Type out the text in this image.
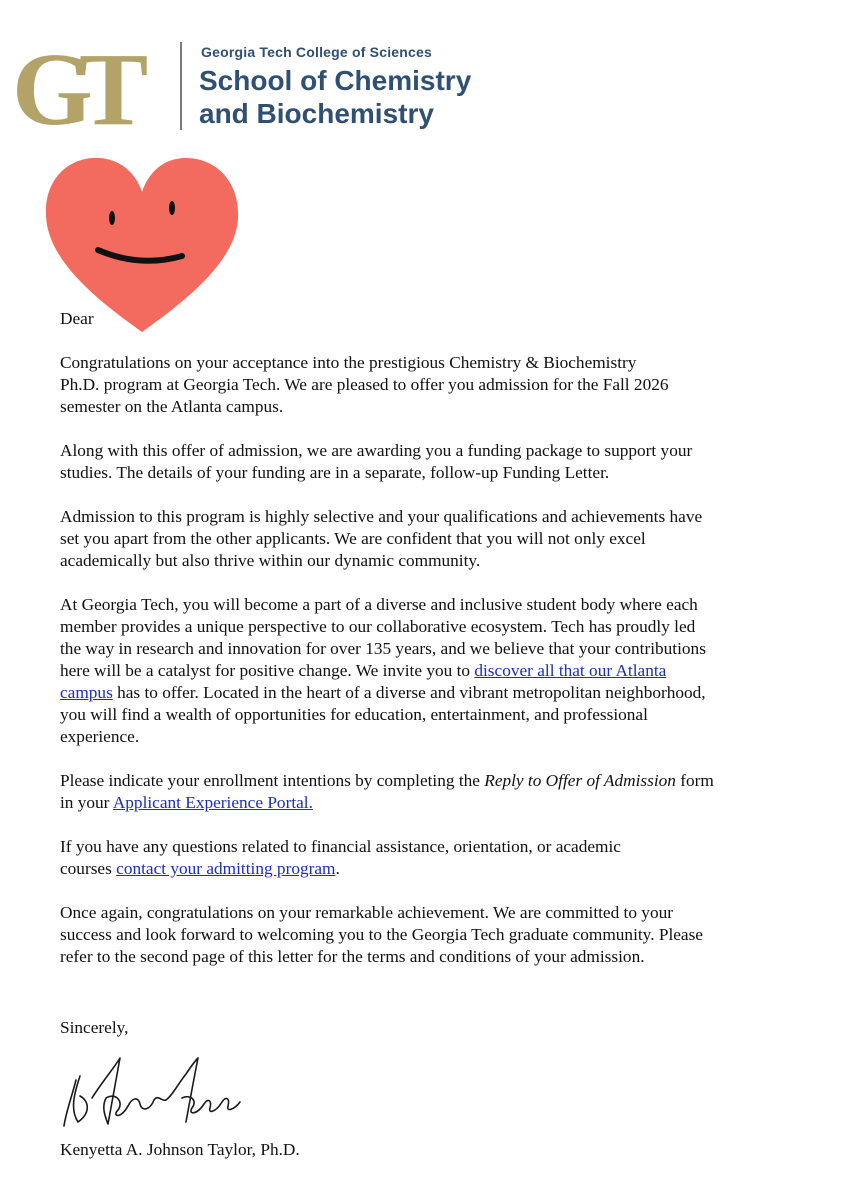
GT	Georgia Tech College of Sciences
School of Chemistry
and Biochemistry

Dear

Congratulations on your acceptance into the prestigious Chemistry & Biochemistry
Ph.D. program at Georgia Tech. We are pleased to offer you admission for the Fall 2026
semester on the Atlanta campus.

Along with this offer of admission, we are awarding you a funding package to support your
studies. The details of your funding are in a separate, follow-up Funding Letter.

Admission to this program is highly selective and your qualifications and achievements have
set you apart from the other applicants. We are confident that you will not only excel
academically but also thrive within our dynamic community.

At Georgia Tech, you will become a part of a diverse and inclusive student body where each
member provides a unique perspective to our collaborative ecosystem. Tech has proudly led
the way in research and innovation for over 135 years, and we believe that your contributions
here will be a catalyst for positive change. We invite you to discover all that our Atlanta
campus has to offer. Located in the heart of a diverse and vibrant metropolitan neighborhood,
you will find a wealth of opportunities for education, entertainment, and professional
experience.

Please indicate your enrollment intentions by completing the Reply to Offer of Admission form
in your Applicant Experience Portal.

If you have any questions related to financial assistance, orientation, or academic
courses contact your admitting program.

Once again, congratulations on your remarkable achievement. We are committed to your
success and look forward to welcoming you to the Georgia Tech graduate community. Please
refer to the second page of this letter for the terms and conditions of your admission.

Sincerely,
Kenyetta A. Johnson Taylor, Ph.D.
